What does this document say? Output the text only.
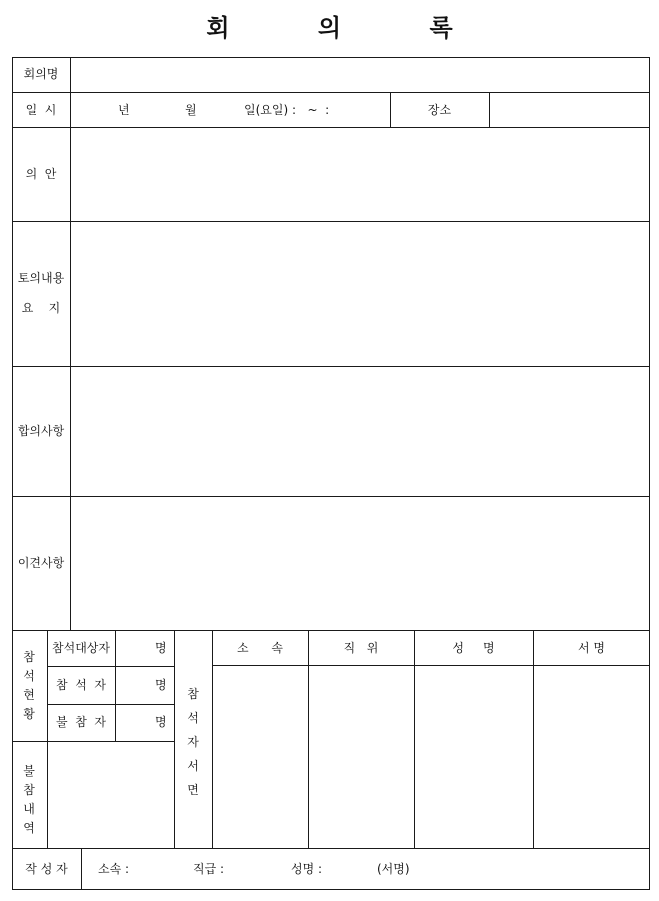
회 의 록
회의명
일  시	년	월	일(요일) :   ~  :	장소
의  안
토의내용
요    지
합의사항
이견사항
참
석
현
황
참석대상자	명
참  석  자	명
불  참  자	명
불
참
내
역
참
석
자
서
면
소      속	직   위	성     명	서 명
작 성 자	소속 :	직급 :	성명 :	(서명)
